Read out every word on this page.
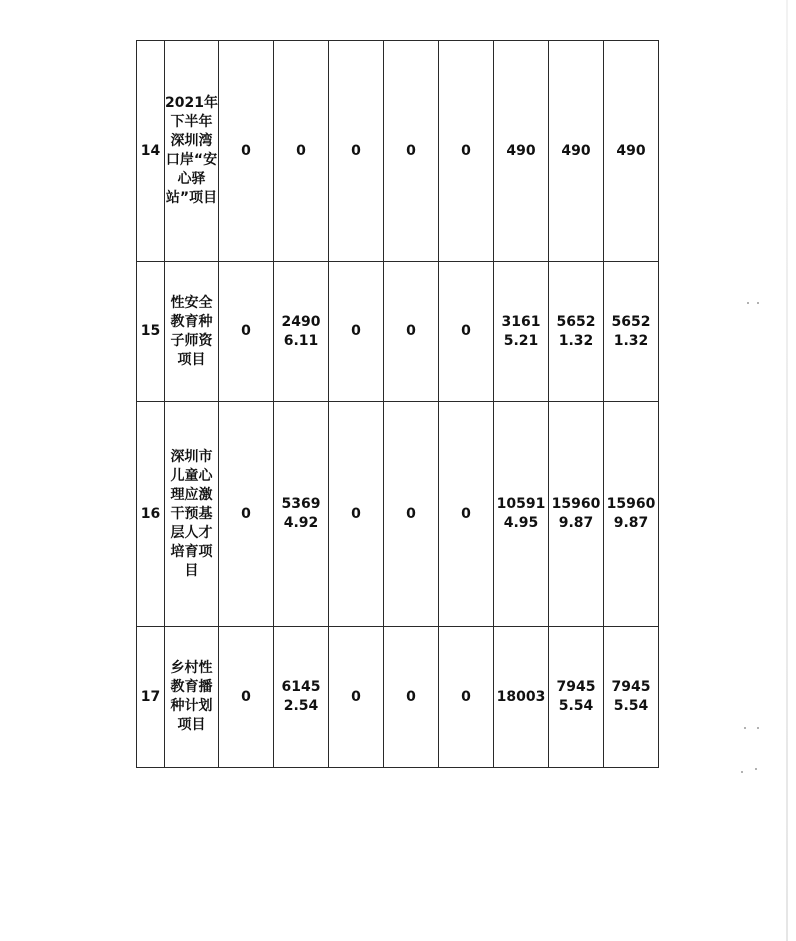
14	2021年下半年深圳湾口岸“安心驿站”项目	0	0	0	0	0	490	490	490
15	性安全教育种子师资项目	0	24906.11	0	0	0	31615.21	56521.32	56521.32
16	深圳市儿童心理应激干预基层人才培育项目	0	53694.92	0	0	0	105914.95	159609.87	159609.87
17	乡村性教育播种计划项目	0	61452.54	0	0	0	18003	79455.54	79455.54
